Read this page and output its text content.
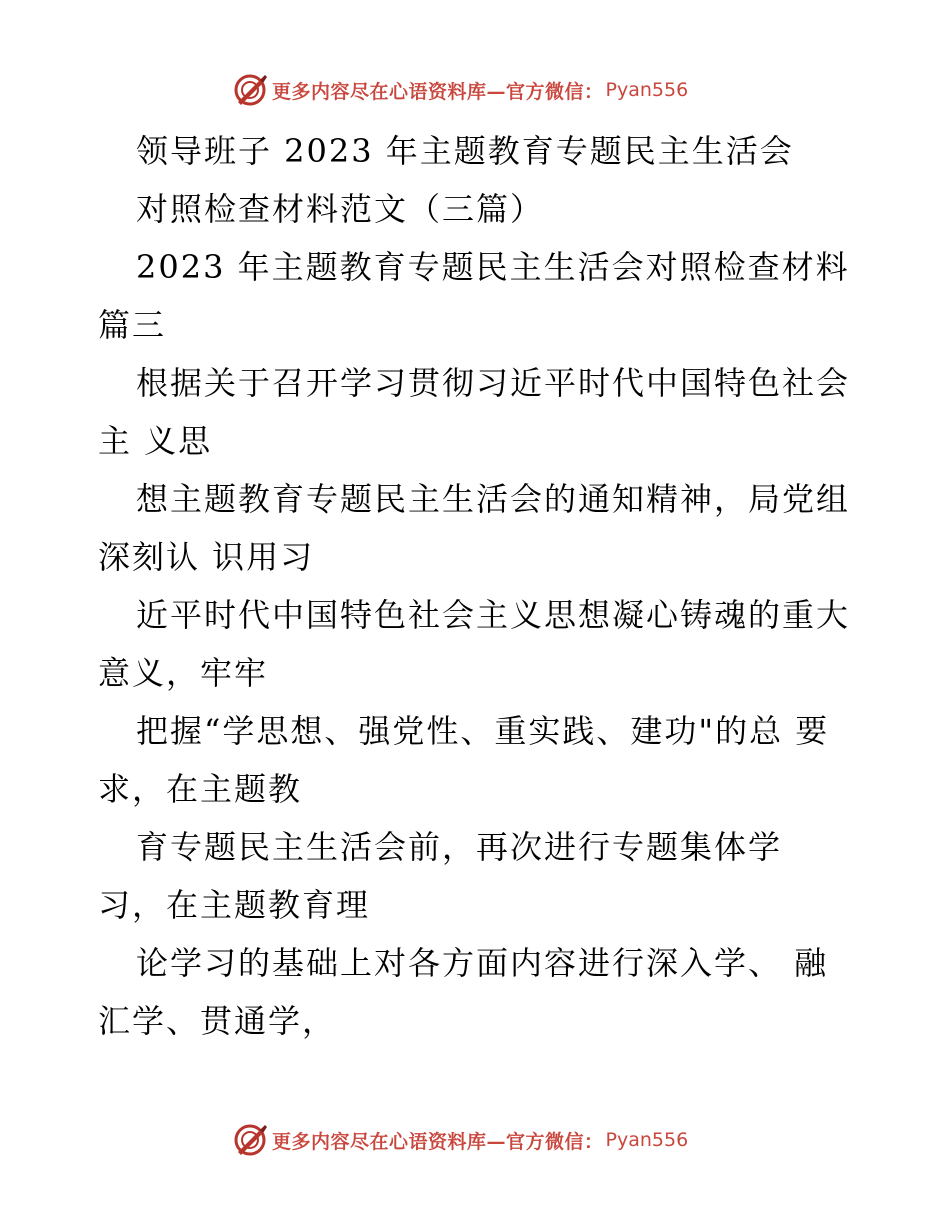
更多内容尽在心语资料库—官方微信： Pyan556
领导班子 2023 年主题教育专题民主生活会
对照检查材料范文（三篇）
2023 年主题教育专题民主生活会对照检查材料
篇三
根据关于召开学习贯彻习近平时代中国特色社会
主 义思
想主题教育专题民主生活会的通知精神，局党组
深刻认 识用习
近平时代中国特色社会主义思想凝心铸魂的重大
意义，牢牢
把握“学思想、强党性、重实践、建功"的总 要
求，在主题教
育专题民主生活会前，再次进行专题集体学
习，在主题教育理
论学习的基础上对各方面内容进行深入学、 融
汇学、贯通学，
更多内容尽在心语资料库—官方微信： Pyan556
